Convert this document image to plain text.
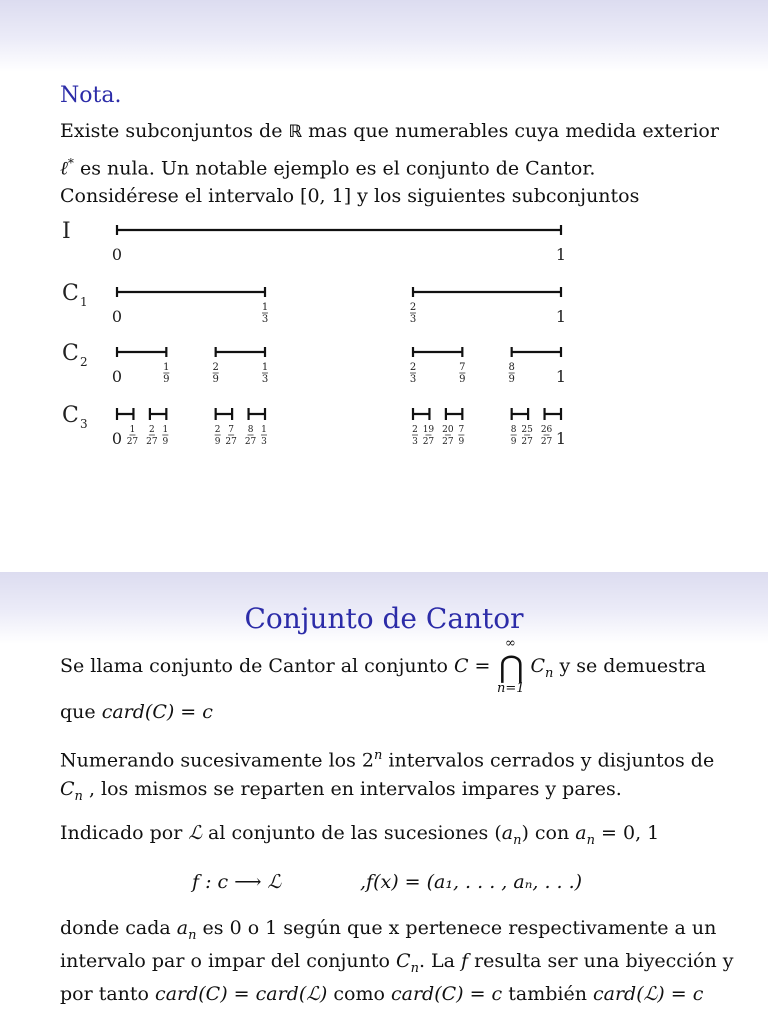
Nota.
Existe subconjuntos de ℝ mas que numerables cuya medida exterior
ℓ* es nula. Un notable ejemplo es el conjunto de Cantor.
Considérese el intervalo [0, 1] y los siguientes subconjuntos
I
0	1
C 1
0	1
3
2
3	1
C 2
0	1
9
2
9
1
3
2
3
7
9
8
9	1
C 3
0 1
27
2
27
1
9
2
9
7
27
8
27
1
3
2
3
19
27
20
27
7
9
8
9
25
27
26
27 1
Conjunto de Cantor
Se llama conjunto de Cantor al conjunto $C = C_n$ y se demuestra
∞
⋂
n=1
que card(C) = c
Numerando sucesivamente los 2$^n$ intervalos cerrados y disjuntos de
$C_n$ , los mismos se reparten en intervalos impares y pares.
Indicado por ℒ al conjunto de las sucesiones $(a_n)$ con $a_n = 0$, 1
f : c ⟶ ℒ	,f(x) = (a₁, . . . , aₙ, . . .)
donde cada $a_n$ es 0 o 1 según que x pertenece respectivamente a un
intervalo par o impar del conjunto $C_n$. La f resulta ser una biyección y
por tanto card(C) = card(ℒ) como card(C) = c también card(ℒ) = c
